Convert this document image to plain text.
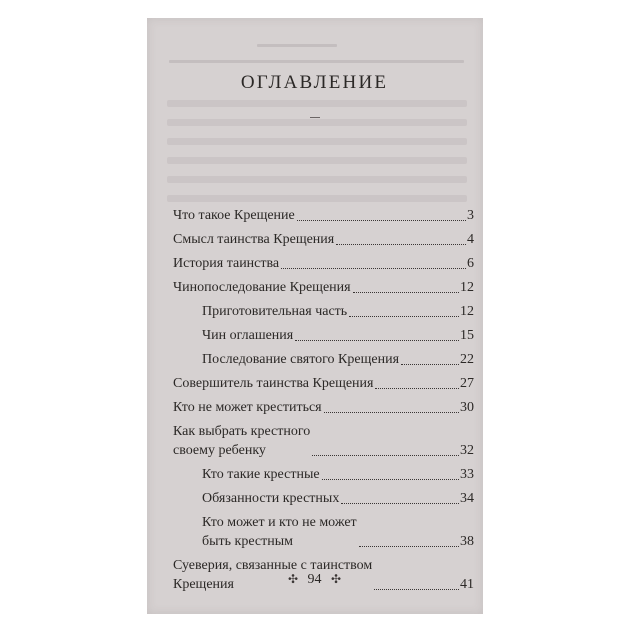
ОГЛАВЛЕНИЕ
Что такое Крещение	3
Смысл таинства Крещения	4
История таинства	6
Чинопоследование Крещения	12
Приготовительная часть	12
Чин оглашения	15
Последование святого Крещения	22
Совершитель таинства Крещения	27
Кто не может креститься	30
Как выбрать крестного
своему ребенку	32
Кто такие крестные	33
Обязанности крестных	34
Кто может и кто не может
быть крестным	38
Суеверия, связанные с таинством
Крещения	41
✣ 94 ✣
